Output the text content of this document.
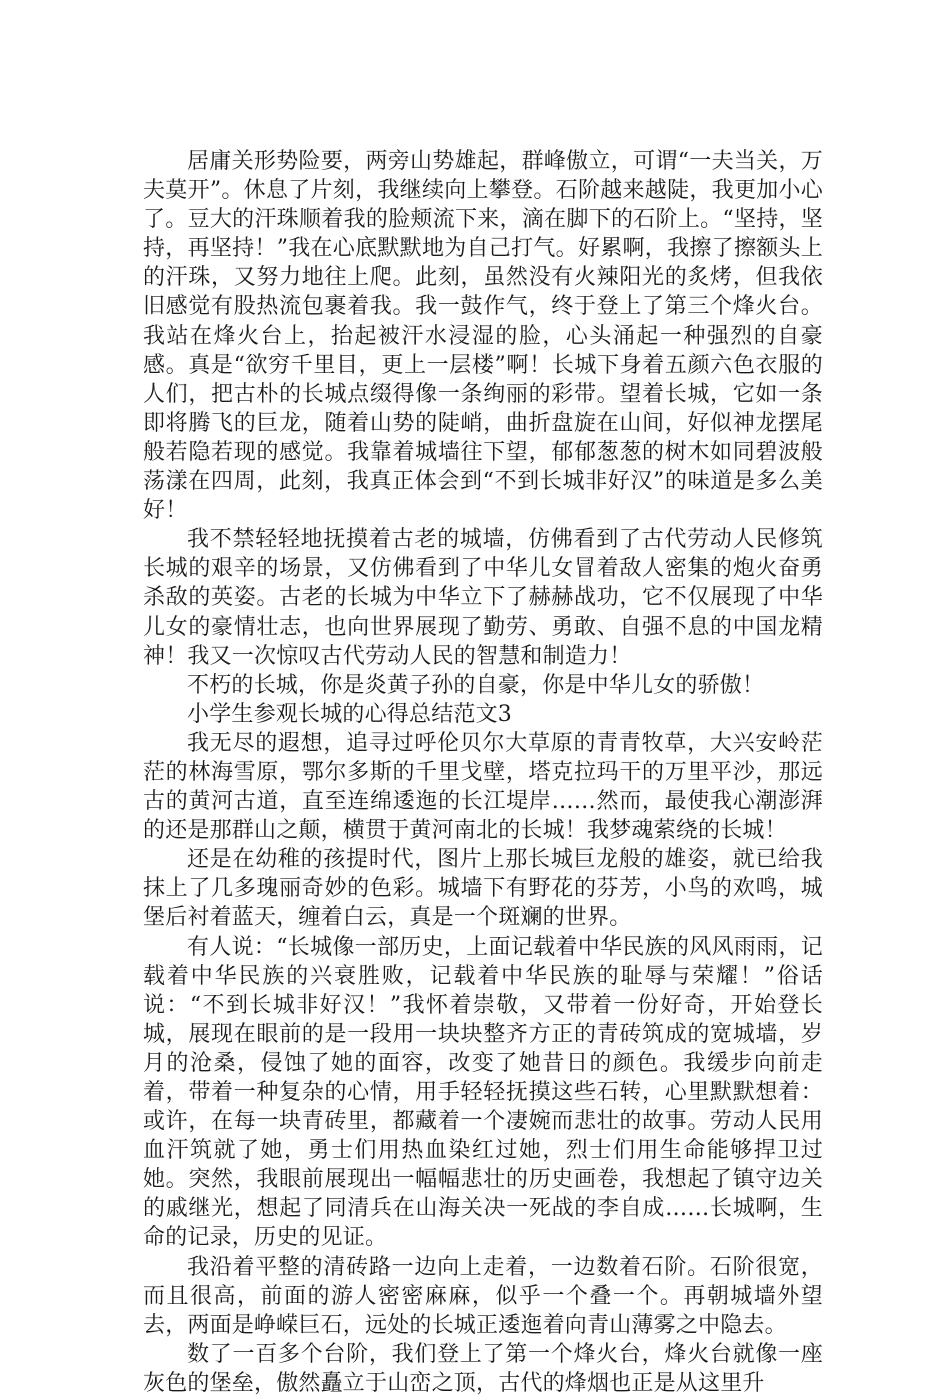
居庸关形势险要，两旁山势雄起，群峰傲立，可谓“一夫当关，万夫莫开”。休息了片刻，我继续向上攀登。石阶越来越陡，我更加小心了。豆大的汗珠顺着我的脸颊流下来，滴在脚下的石阶上。“坚持，坚持，再坚持！”我在心底默默地为自己打气。好累啊，我擦了擦额头上的汗珠，又努力地往上爬。此刻，虽然没有火辣阳光的炙烤，但我依旧感觉有股热流包裹着我。我一鼓作气，终于登上了第三个烽火台。我站在烽火台上，抬起被汗水浸湿的脸，心头涌起一种强烈的自豪感。真是“欲穷千里目，更上一层楼”啊！长城下身着五颜六色衣服的人们，把古朴的长城点缀得像一条绚丽的彩带。望着长城，它如一条即将腾飞的巨龙，随着山势的陡峭，曲折盘旋在山间，好似神龙摆尾般若隐若现的感觉。我靠着城墙往下望，郁郁葱葱的树木如同碧波般荡漾在四周，此刻，我真正体会到“不到长城非好汉”的味道是多么美好！

我不禁轻轻地抚摸着古老的城墙，仿佛看到了古代劳动人民修筑长城的艰辛的场景，又仿佛看到了中华儿女冒着敌人密集的炮火奋勇杀敌的英姿。古老的长城为中华立下了赫赫战功，它不仅展现了中华儿女的豪情壮志，也向世界展现了勤劳、勇敢、自强不息的中国龙精神！我又一次惊叹古代劳动人民的智慧和制造力！

不朽的长城，你是炎黄子孙的自豪，你是中华儿女的骄傲！

小学生参观长城的心得总结范文3

我无尽的遐想，追寻过呼伦贝尔大草原的青青牧草，大兴安岭茫茫的林海雪原，鄂尔多斯的千里戈壁，塔克拉玛干的万里平沙，那远古的黄河古道，直至连绵逶迤的长江堤岸……然而，最使我心潮澎湃的还是那群山之颠，横贯于黄河南北的长城！我梦魂萦绕的长城！

还是在幼稚的孩提时代，图片上那长城巨龙般的雄姿，就已给我抹上了几多瑰丽奇妙的色彩。城墙下有野花的芬芳，小鸟的欢鸣，城堡后衬着蓝天，缠着白云，真是一个斑斓的世界。

有人说：“长城像一部历史，上面记载着中华民族的风风雨雨，记载着中华民族的兴衰胜败，记载着中华民族的耻辱与荣耀！”俗话说：“不到长城非好汉！”我怀着崇敬，又带着一份好奇，开始登长城，展现在眼前的是一段用一块块整齐方正的青砖筑成的宽城墙，岁月的沧桑，侵蚀了她的面容，改变了她昔日的颜色。我缓步向前走着，带着一种复杂的心情，用手轻轻抚摸这些石转，心里默默想着：或许，在每一块青砖里，都藏着一个凄婉而悲壮的故事。劳动人民用血汗筑就了她，勇士们用热血染红过她，烈士们用生命能够捍卫过她。突然，我眼前展现出一幅幅悲壮的历史画卷，我想起了镇守边关的戚继光，想起了同清兵在山海关决一死战的李自成……长城啊，生命的记录，历史的见证。

我沿着平整的清砖路一边向上走着，一边数着石阶。石阶很宽，而且很高，前面的游人密密麻麻，似乎一个叠一个。再朝城墙外望去，两面是峥嵘巨石，远处的长城正逶迤着向青山薄雾之中隐去。

数了一百多个台阶，我们登上了第一个烽火台，烽火台就像一座灰色的堡垒，傲然矗立于山峦之顶，古代的烽烟也正是从这里升
